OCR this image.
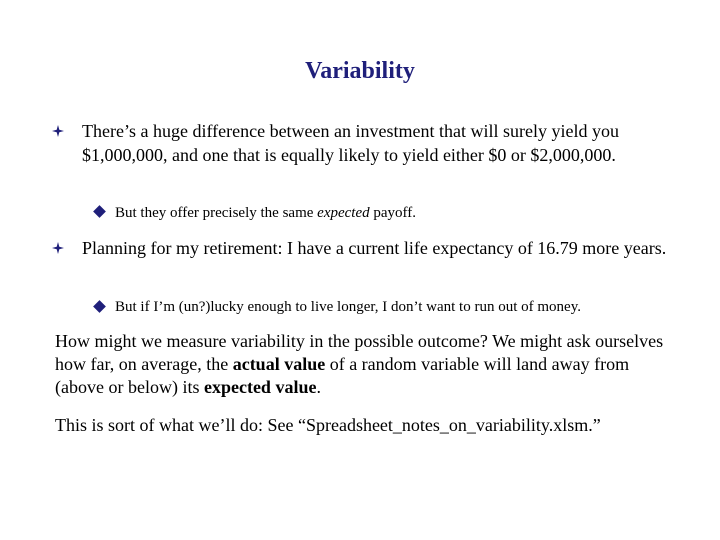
Variability
There’s a huge difference between an investment that will surely yield you $1,000,000, and one that is equally likely to yield either $0 or $2,000,000.
But they offer precisely the same expected payoff.
Planning for my retirement: I have a current life expectancy of 16.79 more years.
But if I’m (un?)lucky enough to live longer, I don’t want to run out of money.
How might we measure variability in the possible outcome? We might ask ourselves how far, on average, the actual value of a random variable will land away from (above or below) its expected value.
This is sort of what we’ll do: See “Spreadsheet_notes_on_variability.xlsm.”
